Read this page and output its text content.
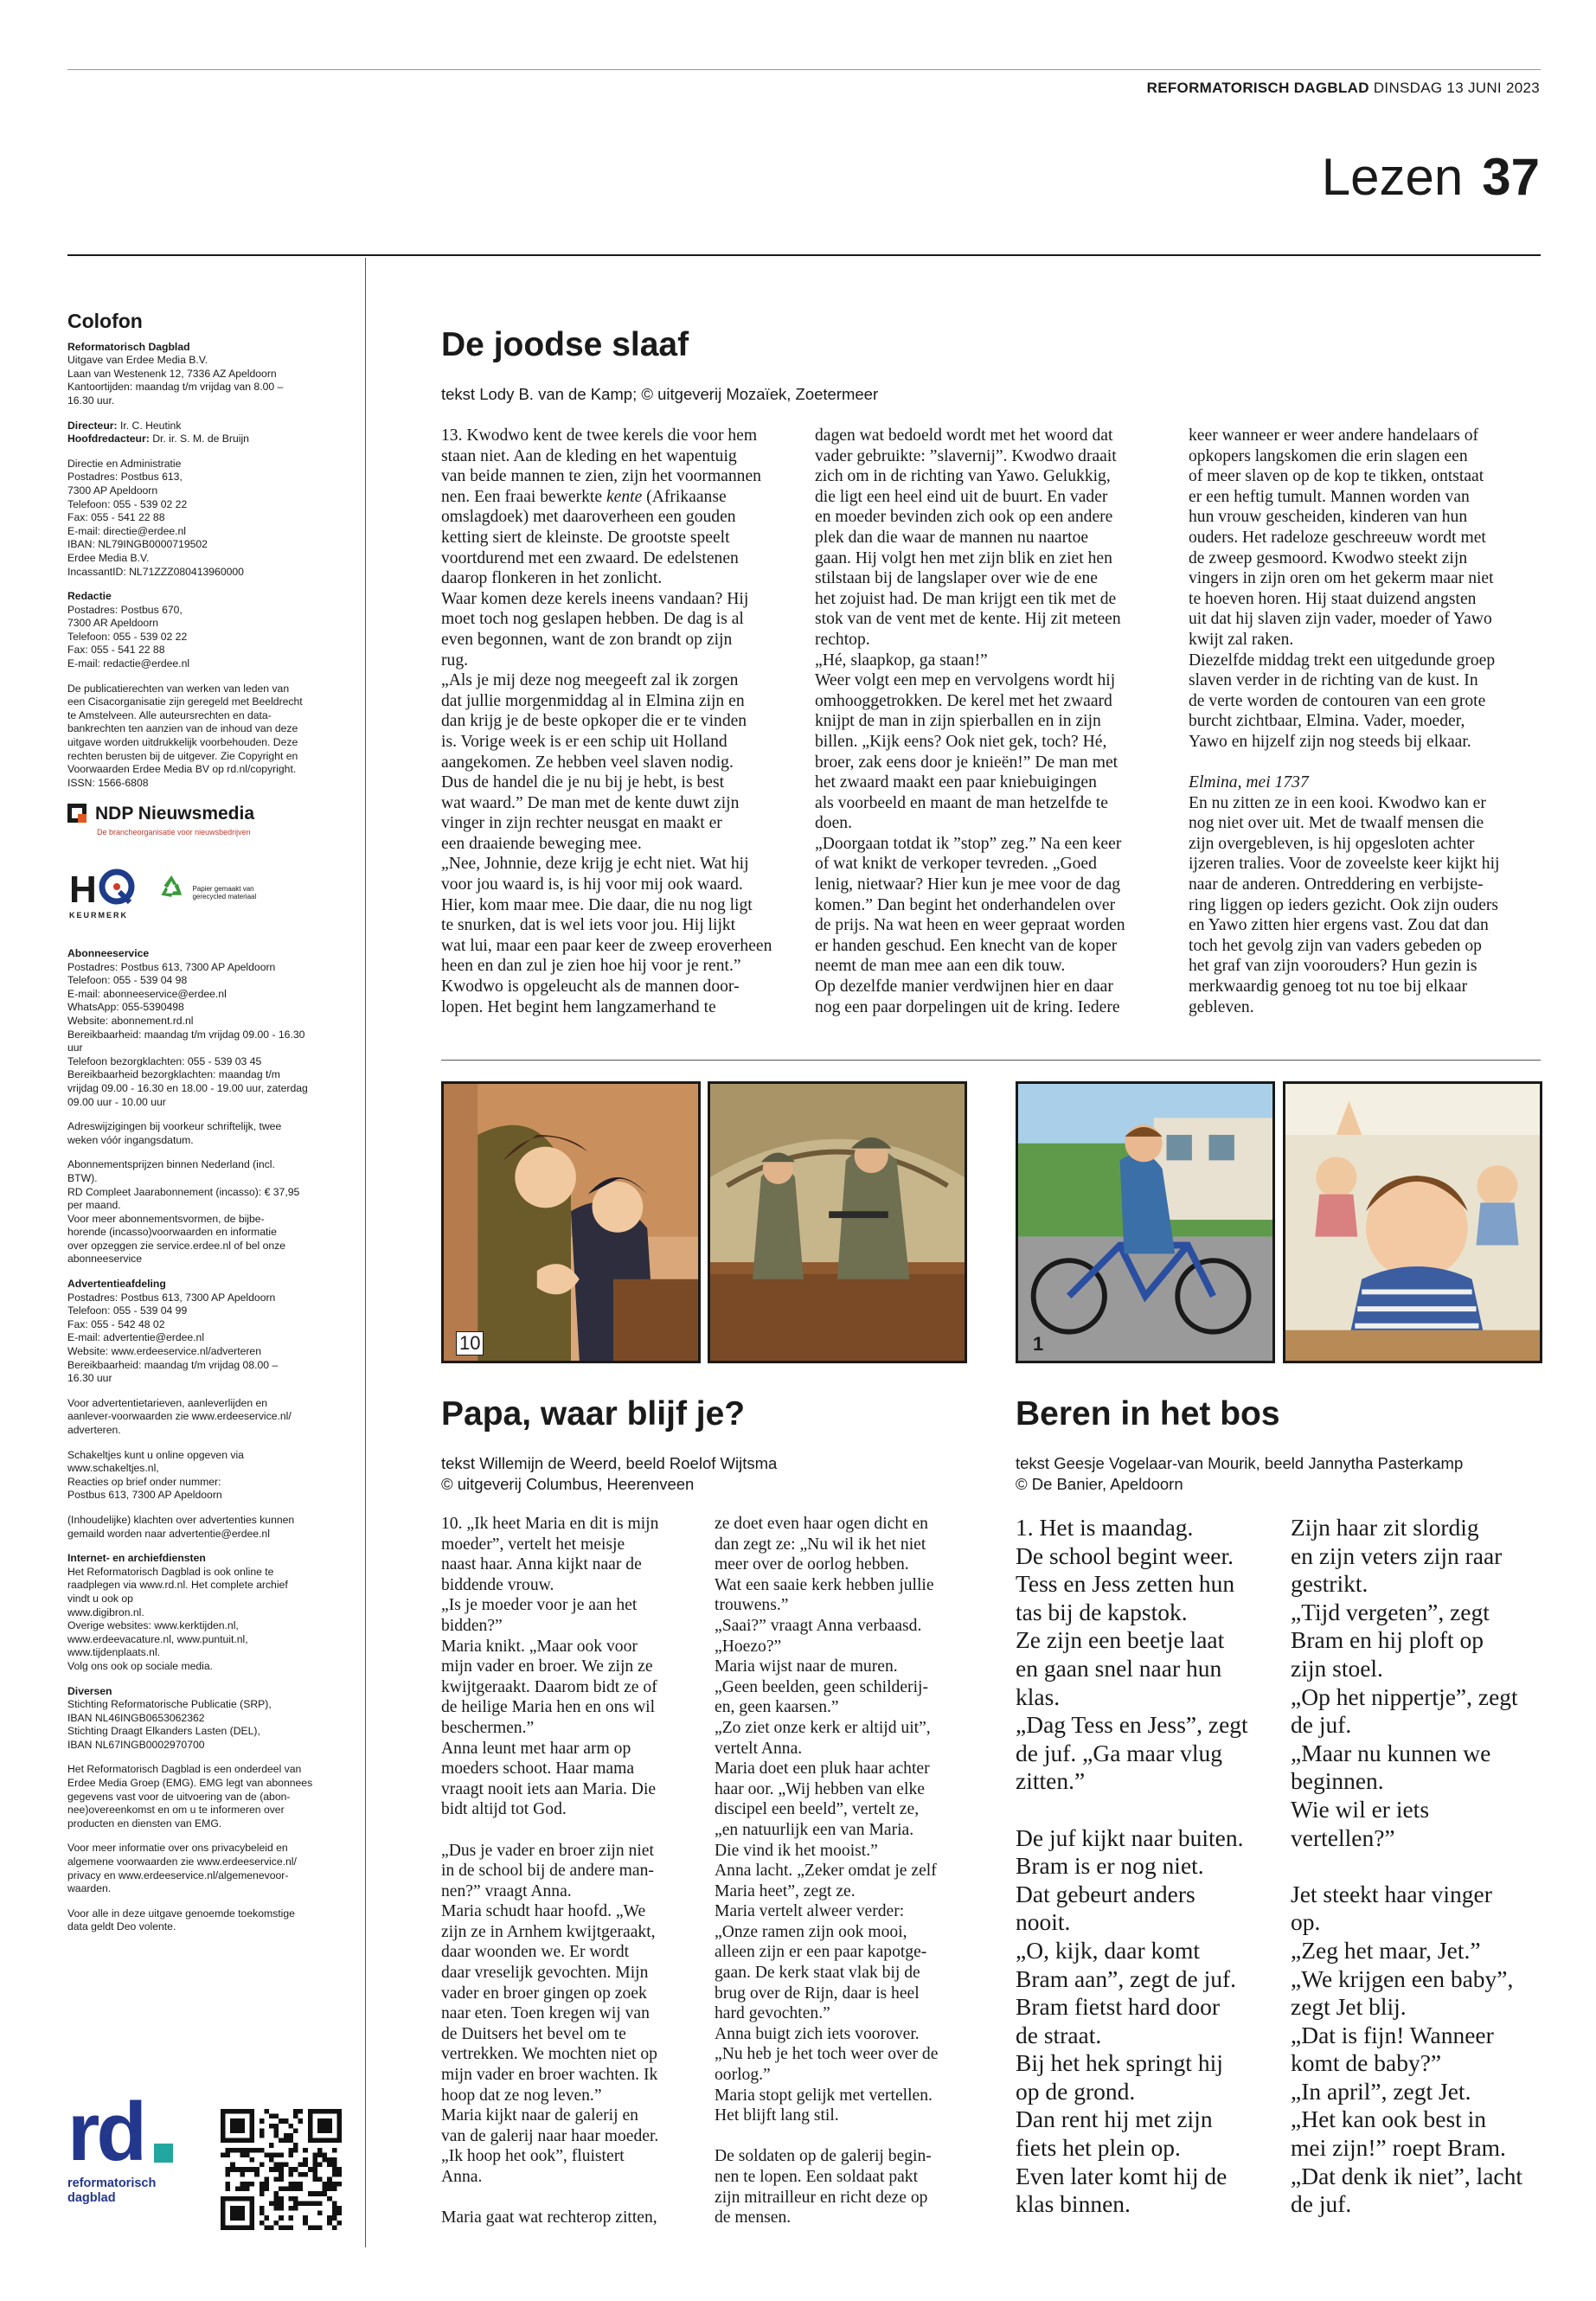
REFORMATORISCH DAGBLAD DINSDAG 13 JUNI 2023
Lezen 37
Colofon

Reformatorisch Dagblad
Uitgave van Erdee Media B.V.
Laan van Westenenk 12, 7336 AZ Apeldoorn
Kantoortijden: maandag t/m vrijdag van 8.00 –
16.30 uur.

Directeur: Ir. C. Heutink
Hoofdredacteur: Dr. ir. S. M. de Bruijn

Directie en Administratie
Postadres: Postbus 613,
7300 AP Apeldoorn
Telefoon: 055 - 539 02 22
Fax: 055 - 541 22 88
E-mail: directie@erdee.nl
IBAN: NL79INGB0000719502
Erdee Media B.V.
IncassantID: NL71ZZZ080413960000

Redactie
Postadres: Postbus 670,
7300 AR Apeldoorn
Telefoon: 055 - 539 02 22
Fax: 055 - 541 22 88
E-mail: redactie@erdee.nl

De publicatierechten van werken van leden van
een Cisacorganisatie zijn geregeld met Beeldrecht
te Amstelveen. Alle auteursrechten en data-
bankrechten ten aanzien van de inhoud van deze
uitgave worden uitdrukkelijk voorbehouden. Deze
rechten berusten bij de uitgever. Zie Copyright en
Voorwaarden Erdee Media BV op rd.nl/copyright.
ISSN: 1566-6808

NDP Nieuwsmedia
De brancheorganisatie voor nieuwsbedrijven
H
KEURMERK
Papier gemaakt van gerecycled materiaal

Abonneeservice
Postadres: Postbus 613, 7300 AP Apeldoorn
Telefoon: 055 - 539 04 98
E-mail: abonneeservice@erdee.nl
WhatsApp: 055-5390498
Website: abonnement.rd.nl
Bereikbaarheid: maandag t/m vrijdag 09.00 - 16.30
uur
Telefoon bezorgklachten: 055 - 539 03 45
Bereikbaarheid bezorgklachten: maandag t/m
vrijdag 09.00 - 16.30 en 18.00 - 19.00 uur, zaterdag
09.00 uur - 10.00 uur

Adreswijzigingen bij voorkeur schriftelijk, twee
weken vóór ingangsdatum.

Abonnementsprijzen binnen Nederland (incl.
BTW).
RD Compleet Jaarabonnement (incasso): € 37,95
per maand.
Voor meer abonnementsvormen, de bijbe-
horende (incasso)voorwaarden en informatie
over opzeggen zie service.erdee.nl of bel onze
abonneeservice

Advertentieafdeling
Postadres: Postbus 613, 7300 AP Apeldoorn
Telefoon: 055 - 539 04 99
Fax: 055 - 542 48 02
E-mail: advertentie@erdee.nl
Website: www.erdeeservice.nl/adverteren
Bereikbaarheid: maandag t/m vrijdag 08.00 –
16.30 uur

Voor advertentietarieven, aanleverlijden en
aanlever-voorwaarden zie www.erdeeservice.nl/
adverteren.

Schakeltjes kunt u online opgeven via
www.schakeltjes.nl,
Reacties op brief onder nummer:
Postbus 613, 7300 AP Apeldoorn

(Inhoudelijke) klachten over advertenties kunnen
gemaild worden naar advertentie@erdee.nl

Internet- en archiefdiensten
Het Reformatorisch Dagblad is ook online te
raadplegen via www.rd.nl. Het complete archief
vindt u ook op
www.digibron.nl.
Overige websites: www.kerktijden.nl,
www.erdeevacature.nl, www.puntuit.nl,
www.tijdenplaats.nl.
Volg ons ook op sociale media.

Diversen
Stichting Reformatorische Publicatie (SRP),
IBAN NL46INGB0653062362
Stichting Draagt Elkanders Lasten (DEL),
IBAN NL67INGB0002970700

Het Reformatorisch Dagblad is een onderdeel van
Erdee Media Groep (EMG). EMG legt van abonnees
gegevens vast voor de uitvoering van de (abon-
nee)overeenkomst en om u te informeren over
producten en diensten van EMG.

Voor meer informatie over ons privacybeleid en
algemene voorwaarden zie www.erdeeservice.nl/
privacy en www.erdeeservice.nl/algemenevoor-
waarden.

Voor alle in deze uitgave genoemde toekomstige
data geldt Deo volente.

rd
reformatorisch
dagblad
De joodse slaaf
tekst Lody B. van de Kamp; © uitgeverij Mozaïek, Zoetermeer

13. Kwodwo kent de twee kerels die voor hem
staan niet. Aan de kleding en het wapentuig
van beide mannen te zien, zijn het voormannen
nen. Een fraai bewerkte kente (Afrikaanse
omslagdoek) met daaroverheen een gouden
ketting siert de kleinste. De grootste speelt
voortdurend met een zwaard. De edelstenen
daarop flonkeren in het zonlicht.

Waar komen deze kerels ineens vandaan? Hij
moet toch nog geslapen hebben. De dag is al
even begonnen, want de zon brandt op zijn
rug.

„Als je mij deze nog meegeeft zal ik zorgen
dat jullie morgenmiddag al in Elmina zijn en
dan krijg je de beste opkoper die er te vinden
is. Vorige week is er een schip uit Holland
aangekomen. Ze hebben veel slaven nodig.
Dus de handel die je nu bij je hebt, is best
wat waard.” De man met de kente duwt zijn
vinger in zijn rechter neusgat en maakt er
een draaiende beweging mee.

„Nee, Johnnie, deze krijg je echt niet. Wat hij
voor jou waard is, is hij voor mij ook waard.
Hier, kom maar mee. Die daar, die nu nog ligt
te snurken, dat is wel iets voor jou. Hij lijkt
wat lui, maar een paar keer de zweep eroverheen
heen en dan zul je zien hoe hij voor je rent.”
Kwodwo is opgeleucht als de mannen door-
lopen. Het begint hem langzamerhand te

dagen wat bedoeld wordt met het woord dat
vader gebruikte: ”slavernij”. Kwodwo draait
zich om in de richting van Yawo. Gelukkig,
die ligt een heel eind uit de buurt. En vader
en moeder bevinden zich ook op een andere
plek dan die waar de mannen nu naartoe
gaan. Hij volgt hen met zijn blik en ziet hen
stilstaan bij de langslaper over wie de ene
het zojuist had. De man krijgt een tik met de
stok van de vent met de kente. Hij zit meteen
rechtop.

„Hé, slaapkop, ga staan!”

Weer volgt een mep en vervolgens wordt hij
omhooggetrokken. De kerel met het zwaard
knijpt de man in zijn spierballen en in zijn
billen. „Kijk eens? Ook niet gek, toch? Hé,
broer, zak eens door je knieën!” De man met
het zwaard maakt een paar kniebuigingen
als voorbeeld en maant de man hetzelfde te
doen.

„Doorgaan totdat ik ”stop” zeg.” Na een keer
of wat knikt de verkoper tevreden. „Goed
lenig, nietwaar? Hier kun je mee voor de dag
komen.” Dan begint het onderhandelen over
de prijs. Na wat heen en weer gepraat worden
er handen geschud. Een knecht van de koper
neemt de man mee aan een dik touw.

Op dezelfde manier verdwijnen hier en daar
nog een paar dorpelingen uit de kring. Iedere

keer wanneer er weer andere handelaars of
opkopers langskomen die erin slagen een
of meer slaven op de kop te tikken, ontstaat
er een heftig tumult. Mannen worden van
hun vrouw gescheiden, kinderen van hun
ouders. Het radeloze geschreeuw wordt met
de zweep gesmoord. Kwodwo steekt zijn
vingers in zijn oren om het gekerm maar niet
te hoeven horen. Hij staat duizend angsten
uit dat hij slaven zijn vader, moeder of Yawo
kwijt zal raken.

Diezelfde middag trekt een uitgedunde groep
slaven verder in de richting van de kust. In
de verte worden de contouren van een grote
burcht zichtbaar, Elmina. Vader, moeder,
Yawo en hijzelf zijn nog steeds bij elkaar.

Elmina, mei 1737

En nu zitten ze in een kooi. Kwodwo kan er
nog niet over uit. Met de twaalf mensen die
zijn overgebleven, is hij opgesloten achter
ijzeren tralies. Voor de zoveelste keer kijkt hij
naar de anderen. Ontreddering en verbijste-
ring liggen op ieders gezicht. Ook zijn ouders
en Yawo zitten hier ergens vast. Zou dat dan
toch het gevolg zijn van vaders gebeden op
het graf van zijn voorouders? Hun gezin is
merkwaardig genoeg tot nu toe bij elkaar
gebleven.

10	1
Papa, waar blijf je?
tekst Willemijn de Weerd, beeld Roelof Wijtsma
© uitgeverij Columbus, Heerenveen

10. „Ik heet Maria en dit is mijn
moeder”, vertelt het meisje
naast haar. Anna kijkt naar de
biddende vrouw.

„Is je moeder voor je aan het
bidden?”

Maria knikt. „Maar ook voor
mijn vader en broer. We zijn ze
kwijtgeraakt. Daarom bidt ze of
de heilige Maria hen en ons wil
beschermen.”

Anna leunt met haar arm op
moeders schoot. Haar mama
vraagt nooit iets aan Maria. Die
bidt altijd tot God.

„Dus je vader en broer zijn niet
in de school bij de andere man-
nen?” vraagt Anna.

Maria schudt haar hoofd. „We
zijn ze in Arnhem kwijtgeraakt,
daar woonden we. Er wordt
daar vreselijk gevochten. Mijn
vader en broer gingen op zoek
naar eten. Toen kregen wij van
de Duitsers het bevel om te
vertrekken. We mochten niet op
mijn vader en broer wachten. Ik
hoop dat ze nog leven.”

Maria kijkt naar de galerij en
van de galerij naar haar moeder.
„Ik hoop het ook”, fluistert
Anna.

Maria gaat wat rechterop zitten,

ze doet even haar ogen dicht en
dan zegt ze: „Nu wil ik het niet
meer over de oorlog hebben.
Wat een saaie kerk hebben jullie
trouwens.”

„Saai?” vraagt Anna verbaasd.
„Hoezo?”

Maria wijst naar de muren.
„Geen beelden, geen schilderij-
en, geen kaarsen.”

„Zo ziet onze kerk er altijd uit”,
vertelt Anna.

Maria doet een pluk haar achter
haar oor. „Wij hebben van elke
discipel een beeld”, vertelt ze,
„en natuurlijk een van Maria.
Die vind ik het mooist.”

Anna lacht. „Zeker omdat je zelf
Maria heet”, zegt ze.

Maria vertelt alweer verder:
„Onze ramen zijn ook mooi,
alleen zijn er een paar kapotge-
gaan. De kerk staat vlak bij de
brug over de Rijn, daar is heel
hard gevochten.”

Anna buigt zich iets voorover.
„Nu heb je het toch weer over de
oorlog.”

Maria stopt gelijk met vertellen.
Het blijft lang stil.

De soldaten op de galerij begin-
nen te lopen. Een soldaat pakt
zijn mitrailleur en richt deze op
de mensen.

Beren in het bos
tekst Geesje Vogelaar-van Mourik, beeld Jannytha Pasterkamp
© De Banier, Apeldoorn

1. Het is maandag.
De school begint weer.
Tess en Jess zetten hun
tas bij de kapstok.
Ze zijn een beetje laat
en gaan snel naar hun
klas.
„Dag Tess en Jess”, zegt
de juf. „Ga maar vlug
zitten.”

De juf kijkt naar buiten.
Bram is er nog niet.
Dat gebeurt anders
nooit.
„O, kijk, daar komt
Bram aan”, zegt de juf.
Bram fietst hard door
de straat.
Bij het hek springt hij
op de grond.
Dan rent hij met zijn
fiets het plein op.
Even later komt hij de
klas binnen.

Zijn haar zit slordig
en zijn veters zijn raar
gestrikt.
„Tijd vergeten”, zegt
Bram en hij ploft op
zijn stoel.
„Op het nippertje”, zegt
de juf.
„Maar nu kunnen we
beginnen.
Wie wil er iets
vertellen?”

Jet steekt haar vinger
op.
„Zeg het maar, Jet.”
„We krijgen een baby”,
zegt Jet blij.
„Dat is fijn! Wanneer
komt de baby?”
„In april”, zegt Jet.
„Het kan ook best in
mei zijn!” roept Bram.
„Dat denk ik niet”, lacht
de juf.
